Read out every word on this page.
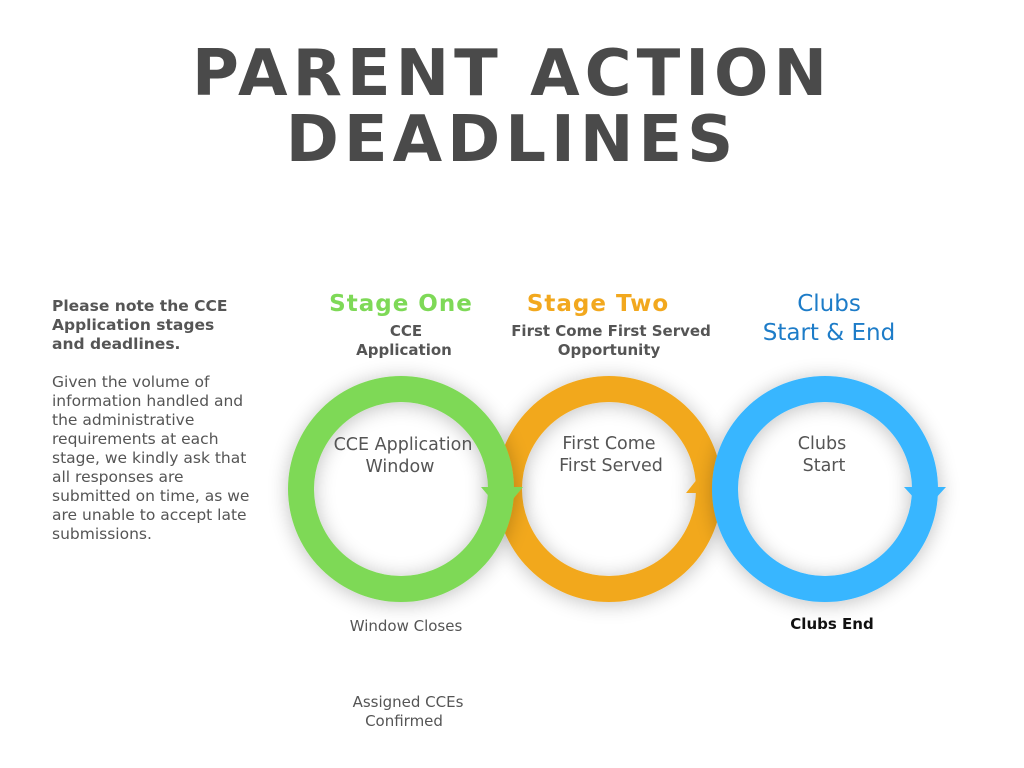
PARENT ACTION
DEADLINES
Please note the CCE Application stages and deadlines.
Given the volume of information handled and the administrative requirements at each stage, we kindly ask that all responses are submitted on time, as we are unable to accept late submissions.
Stage One
CCE
Application
CCE Application
Window
Window Closes
Assigned CCEs
Confirmed
Stage Two
First Come First Served
Opportunity
First Come
First Served
Clubs
Start & End
Clubs
Start
Clubs End
